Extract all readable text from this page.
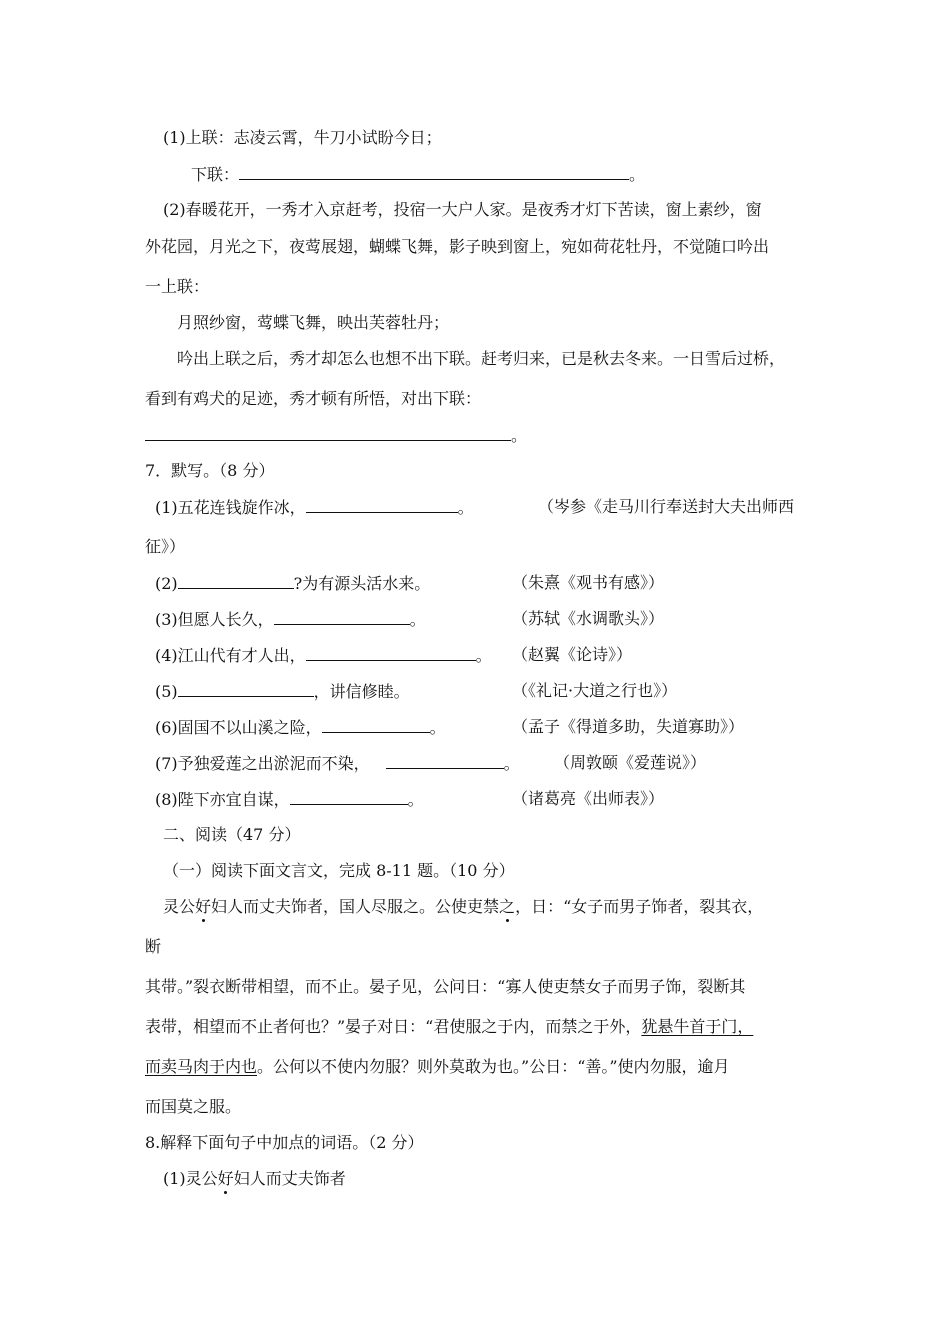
(1)上联：志凌云霄，牛刀小试盼今日；
下联：	。
(2)春暖花开，一秀才入京赶考，投宿一大户人家。是夜秀才灯下苦读，窗上素纱，窗
外花园，月光之下，夜莺展翅，蝴蝶飞舞，影子映到窗上，宛如荷花牡丹，不觉随口吟出
一上联：
月照纱窗，莺蝶飞舞，映出芙蓉牡丹；
吟出上联之后，秀才却怎么也想不出下联。赶考归来，已是秋去冬来。一日雪后过桥，
看到有鸡犬的足迹，秀才顿有所悟，对出下联：
。
7．默写。（8 分）
(1)五花连钱旋作冰，	。	（岑参《走马川行奉送封大夫出师西
征》）
(2)	?为有源头活水来。	（朱熹《观书有感》）
(3)但愿人长久，	。	（苏轼《水调歌头》）
(4)江山代有才人出，	。 （赵翼《论诗》）
(5)	，讲信修睦。	（《礼记·大道之行也》）
(6)固国不以山溪之险，	。	（孟子《得道多助，失道寡助》）
(7)予独爱莲之出淤泥而不染，	。 （周敦颐《爱莲说》）
(8)陛下亦宜自谋，	。	（诸葛亮《出师表》）
二、阅读（47 分）
（一）阅读下面文言文，完成 8-11 题。（10 分）
灵公好妇人而丈夫饰者，国人尽服之。公使吏禁之，日：“女子而男子饰者，裂其衣，
断
其带。”裂衣断带相望，而不止。晏子见，公问日：“寡人使吏禁女子而男子饰，裂断其
表带，相望而不止者何也？”晏子对日：“君使服之于内，而禁之于外，犹悬牛首于门，
而卖马肉于内也。公何以不使内勿服？则外莫敢为也。”公日：“善。”使内勿服，逾月
而国莫之服。
8.解释下面句子中加点的词语。（2 分）
(1)灵公好妇人而丈夫饰者
